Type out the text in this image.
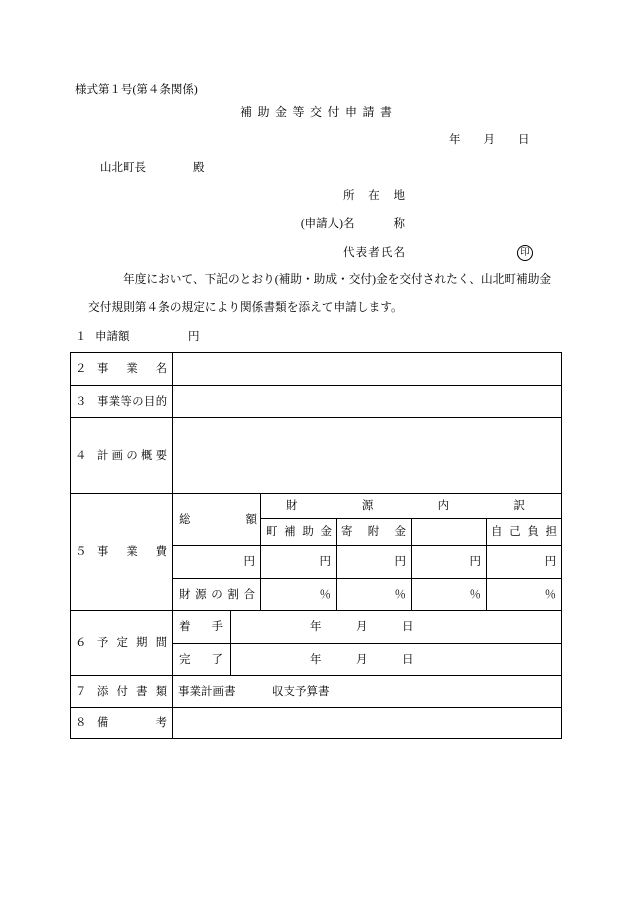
様式第１号(第４条関係)
補助金等交付申請書
年　　月　　日
山北町長	殿
所在地
(申請人)名称
代表者氏名	印
年度において、下記のとおり(補助・助成・交付)金を交付されたく、山北町補助金
交付規則第４条の規定により関係書類を添えて申請します。
１ 申請額	円
２ 事業名						
３ 事業等の目的						
４ 計画の概要						
５ 事業費	総額		財源内訳			
			町補助金	寄附金		自己負担
	円		円	円	円	円
	財源の割合		％	％	％	％
６ 予定期間	着手	年　　　月　　　日				
	完了	年　　　月　　　日				
７ 添付書類	事業計画書 収支予算書					
８ 備考						
